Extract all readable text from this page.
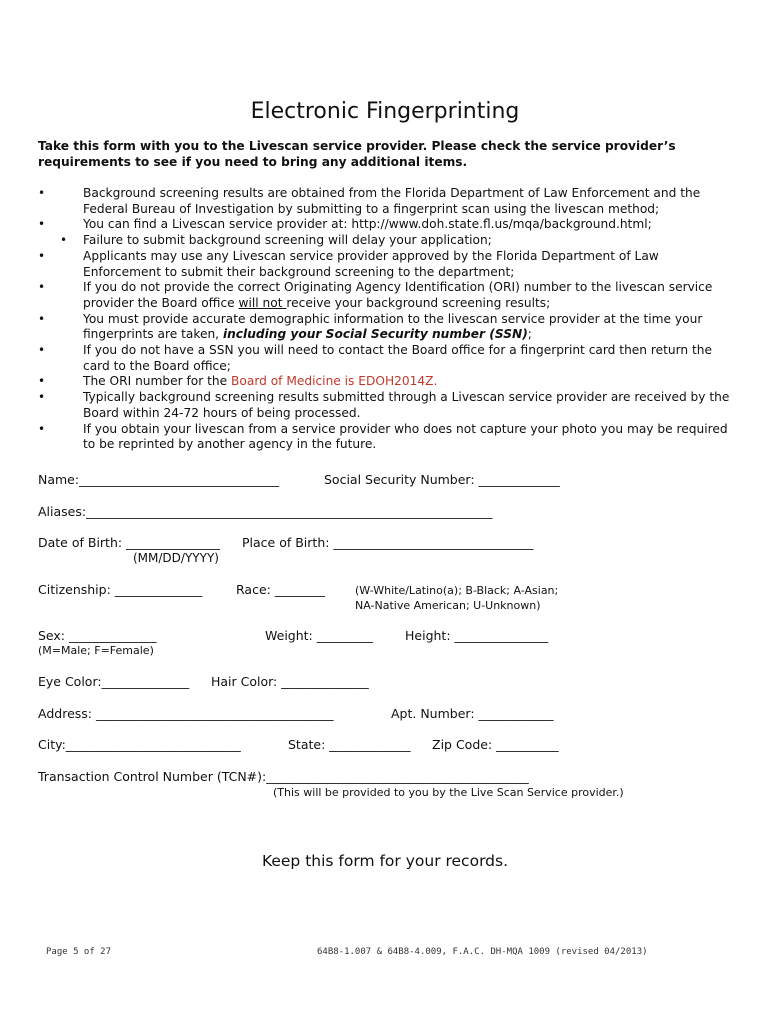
Electronic Fingerprinting

Take this form with you to the Livescan service provider. Please check the service provider’s requirements to see if you need to bring any additional items.

•	Background screening results are obtained from the Florida Department of Law Enforcement and the Federal Bureau of Investigation by submitting to a fingerprint scan using the livescan method;
•	You can find a Livescan service provider at: http://www.doh.state.fl.us/mqa/background.html;
• Failure to submit background screening will delay your application;
•	Applicants may use any Livescan service provider approved by the Florida Department of Law Enforcement to submit their background screening to the department;
•	If you do not provide the correct Originating Agency Identification (ORI) number to the livescan service provider the Board office will not receive your background screening results;
•	You must provide accurate demographic information to the livescan service provider at the time your fingerprints are taken, including your Social Security number (SSN);
•	If you do not have a SSN you will need to contact the Board office for a fingerprint card then return the card to the Board office;
•	The ORI number for the Board of Medicine is EDOH2014Z.
•	Typically background screening results submitted through a Livescan service provider are received by the Board within 24-72 hours of being processed.
•	If you obtain your livescan from a service provider who does not capture your photo you may be required to be reprinted by another agency in the future.
Name:________________________________	Social Security Number: _____________
Aliases:_________________________________________________________________
Date of Birth: _______________ Place of Birth: ________________________________
(MM/DD/YYYY)
Citizenship: ______________	Race: ________	(W-White/Latino(a); B-Black; A-Asian;
NA-Native American; U-Unknown)
Sex: ______________	Weight: _________	Height: _______________
(M=Male; F=Female)
Eye Color:______________ Hair Color: ______________
Address: ______________________________________	Apt. Number: ____________
City:____________________________	State: _____________ Zip Code: __________
Transaction Control Number (TCN#):__________________________________________
(This will be provided to you by the Live Scan Service provider.)
Keep this form for your records.
Page 5 of 27	64B8-1.007 & 64B8-4.009, F.A.C. DH-MQA 1009 (revised 04/2013)
